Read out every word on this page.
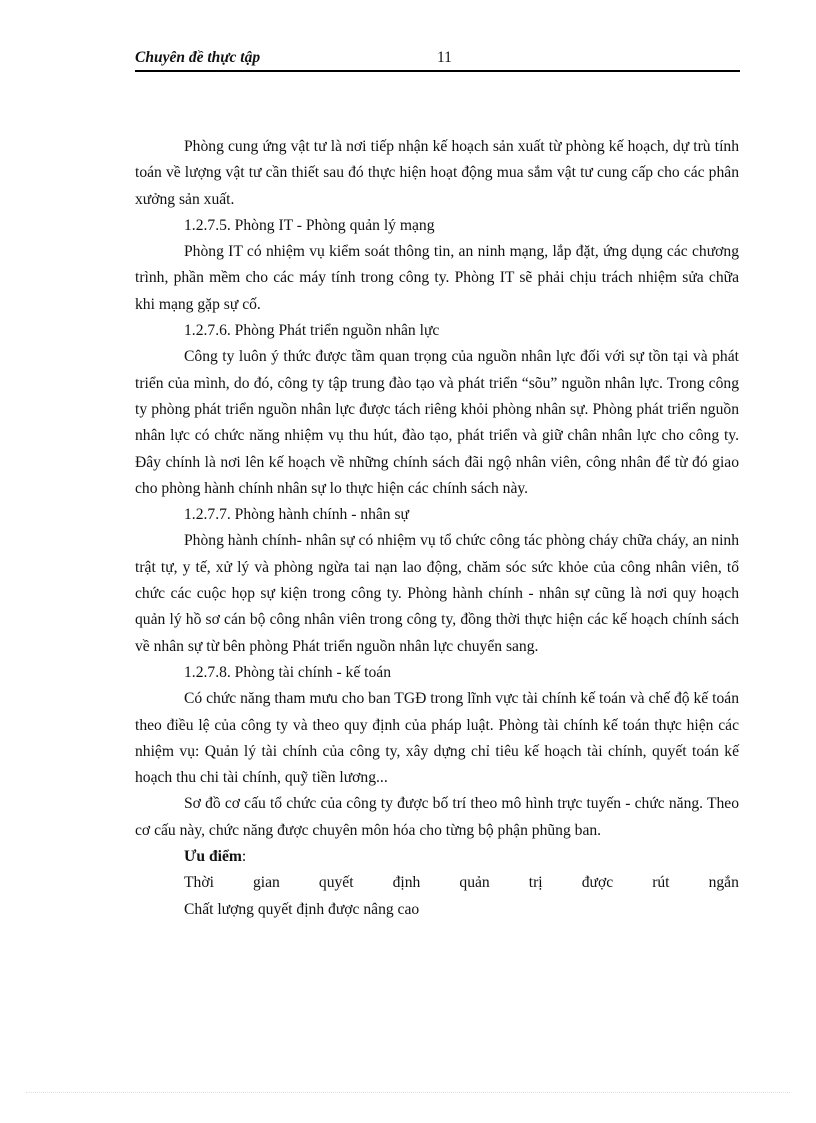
Chuyên đề thực tập	11

Phòng cung ứng vật tư là nơi tiếp nhận kế hoạch sản xuất từ phòng kế hoạch, dự trù tính toán về lượng vật tư cần thiết sau đó thực hiện hoạt động mua sắm vật tư cung cấp cho các phân xưởng sản xuất.

1.2.7.5. Phòng IT - Phòng quản lý mạng

Phòng IT có nhiệm vụ kiểm soát thông tin, an ninh mạng, lắp đặt, ứng dụng các chương trình, phần mềm cho các máy tính trong công ty. Phòng IT sẽ phải chịu trách nhiệm sửa chữa khi mạng gặp sự cố.

1.2.7.6. Phòng Phát triển nguồn nhân lực

Công ty luôn ý thức được tầm quan trọng của nguồn nhân lực đối với sự tồn tại và phát triển của mình, do đó, công ty tập trung đào tạo và phát triển “sõu” nguồn nhân lực. Trong công ty phòng phát triển nguồn nhân lực được tách riêng khỏi phòng nhân sự. Phòng phát triển nguồn nhân lực có chức năng nhiệm vụ thu hút, đào tạo, phát triển và giữ chân nhân lực cho công ty. Đây chính là nơi lên kế hoạch về những chính sách đãi ngộ nhân viên, công nhân để từ đó giao cho phòng hành chính nhân sự lo thực hiện các chính sách này.

1.2.7.7. Phòng hành chính - nhân sự

Phòng hành chính- nhân sự có nhiệm vụ tổ chức công tác phòng cháy chữa cháy, an ninh trật tự, y tế, xử lý và phòng ngừa tai nạn lao động, chăm sóc sức khỏe của công nhân viên, tổ chức các cuộc họp sự kiện trong công ty. Phòng hành chính - nhân sự cũng là nơi quy hoạch quản lý hồ sơ cán bộ công nhân viên trong công ty, đồng thời thực hiện các kế hoạch chính sách về nhân sự từ bên phòng Phát triển nguồn nhân lực chuyển sang.

1.2.7.8. Phòng tài chính - kế toán

Có chức năng tham mưu cho ban TGĐ trong lĩnh vực tài chính kế toán và chế độ kế toán theo điều lệ của công ty và theo quy định của pháp luật. Phòng tài chính kế toán thực hiện các nhiệm vụ: Quản lý tài chính của công ty, xây dựng chỉ tiêu kế hoạch tài chính, quyết toán kế hoạch thu chi tài chính, quỹ tiền lương...

Sơ đồ cơ cấu tổ chức của công ty được bố trí theo mô hình trực tuyến - chức năng. Theo cơ cấu này, chức năng được chuyên môn hóa cho từng bộ phận phũng ban.

Ưu điểm:

Thời	gian	quyết	định	quản	trị	được	rút	ngắn

Chất lượng quyết định được nâng cao
